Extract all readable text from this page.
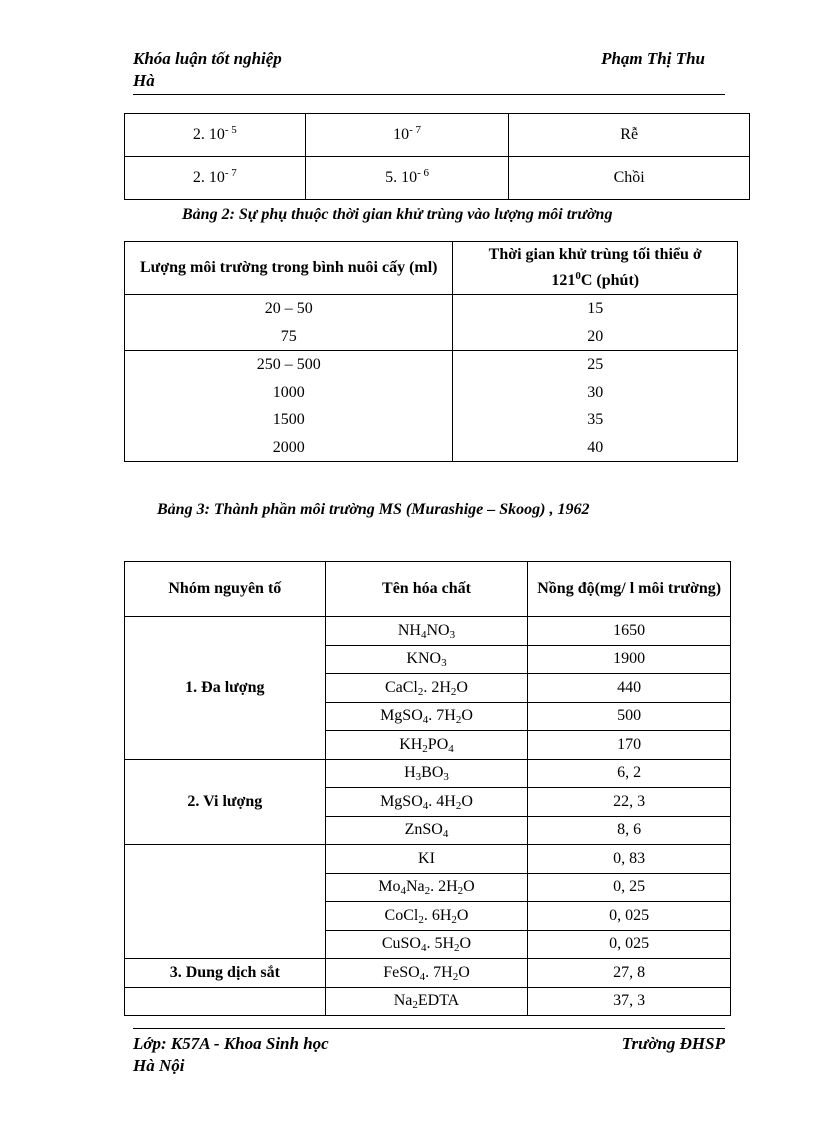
Khóa luận tốt nghiệp
Hà
Phạm Thị Thu
2. $10^{- 5}$	$10^{- 7}$	Rễ
2. $10^{- 7}$	5. $10^{- 6}$	Chồi
Bảng 2: Sự phụ thuộc thời gian khử trùng vào lượng môi trường
Lượng môi trường trong bình nuôi cấy (ml)	Thời gian khử trùng tối thiểu ở
$121^0C$ (phút)
20 – 50	15
75	20
250 – 500	25
1000	30
1500	35
2000	40
Bảng 3: Thành phần môi trường MS (Murashige – Skoog) , 1962
Nhóm nguyên tố	Tên hóa chất	Nồng độ(mg/ l môi trường)
1. Đa lượng	$NH_4NO_3$	1650
	$KNO_3$	1900
	CaCl$_2$. $2H_2O$	440
	MgSO$_4$. $7H_2O$	500
	$KH_2PO_4$	170
2. Vi lượng	$H_3BO_3$	6, 2
	MgSO$_4$. $4H_2O$	22, 3
	ZnSO$_4$	8, 6
	KI	0, 83
	$Mo_4Na_2$. $2H_2O$	0, 25
	CoCl$_2$. $6H_2O$	0, 025
	CuSO$_4$. $5H_2O$	0, 025
3. Dung dịch sắt	FeSO$_4$. $7H_2O$	27, 8
	$Na_2EDTA$	37, 3
Lớp: K57A - Khoa Sinh học
Hà Nội
Trường ĐHSP
